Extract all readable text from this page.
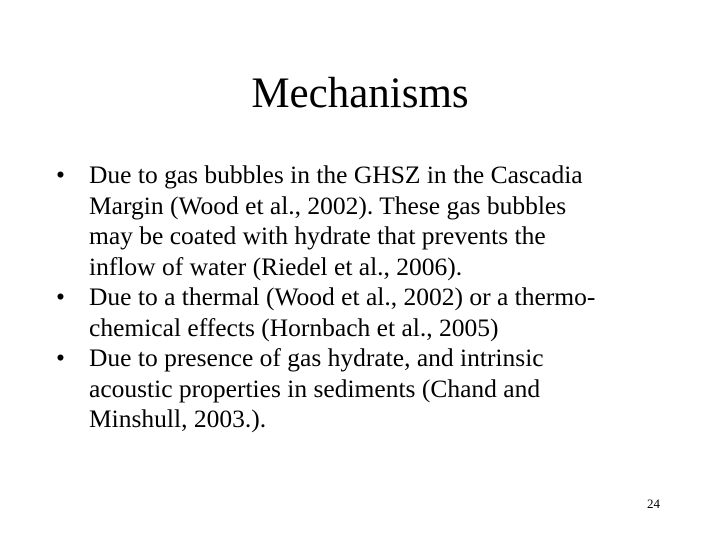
Mechanisms
• Due to gas bubbles in the GHSZ in the Cascadia
Margin (Wood et al., 2002). These gas bubbles
may be coated with hydrate that prevents the
inflow of water (Riedel et al., 2006).
• Due to a thermal (Wood et al., 2002) or a thermo-
chemical effects (Hornbach et al., 2005)
• Due to presence of gas hydrate, and intrinsic
acoustic properties in sediments (Chand and
Minshull, 2003.).
24
